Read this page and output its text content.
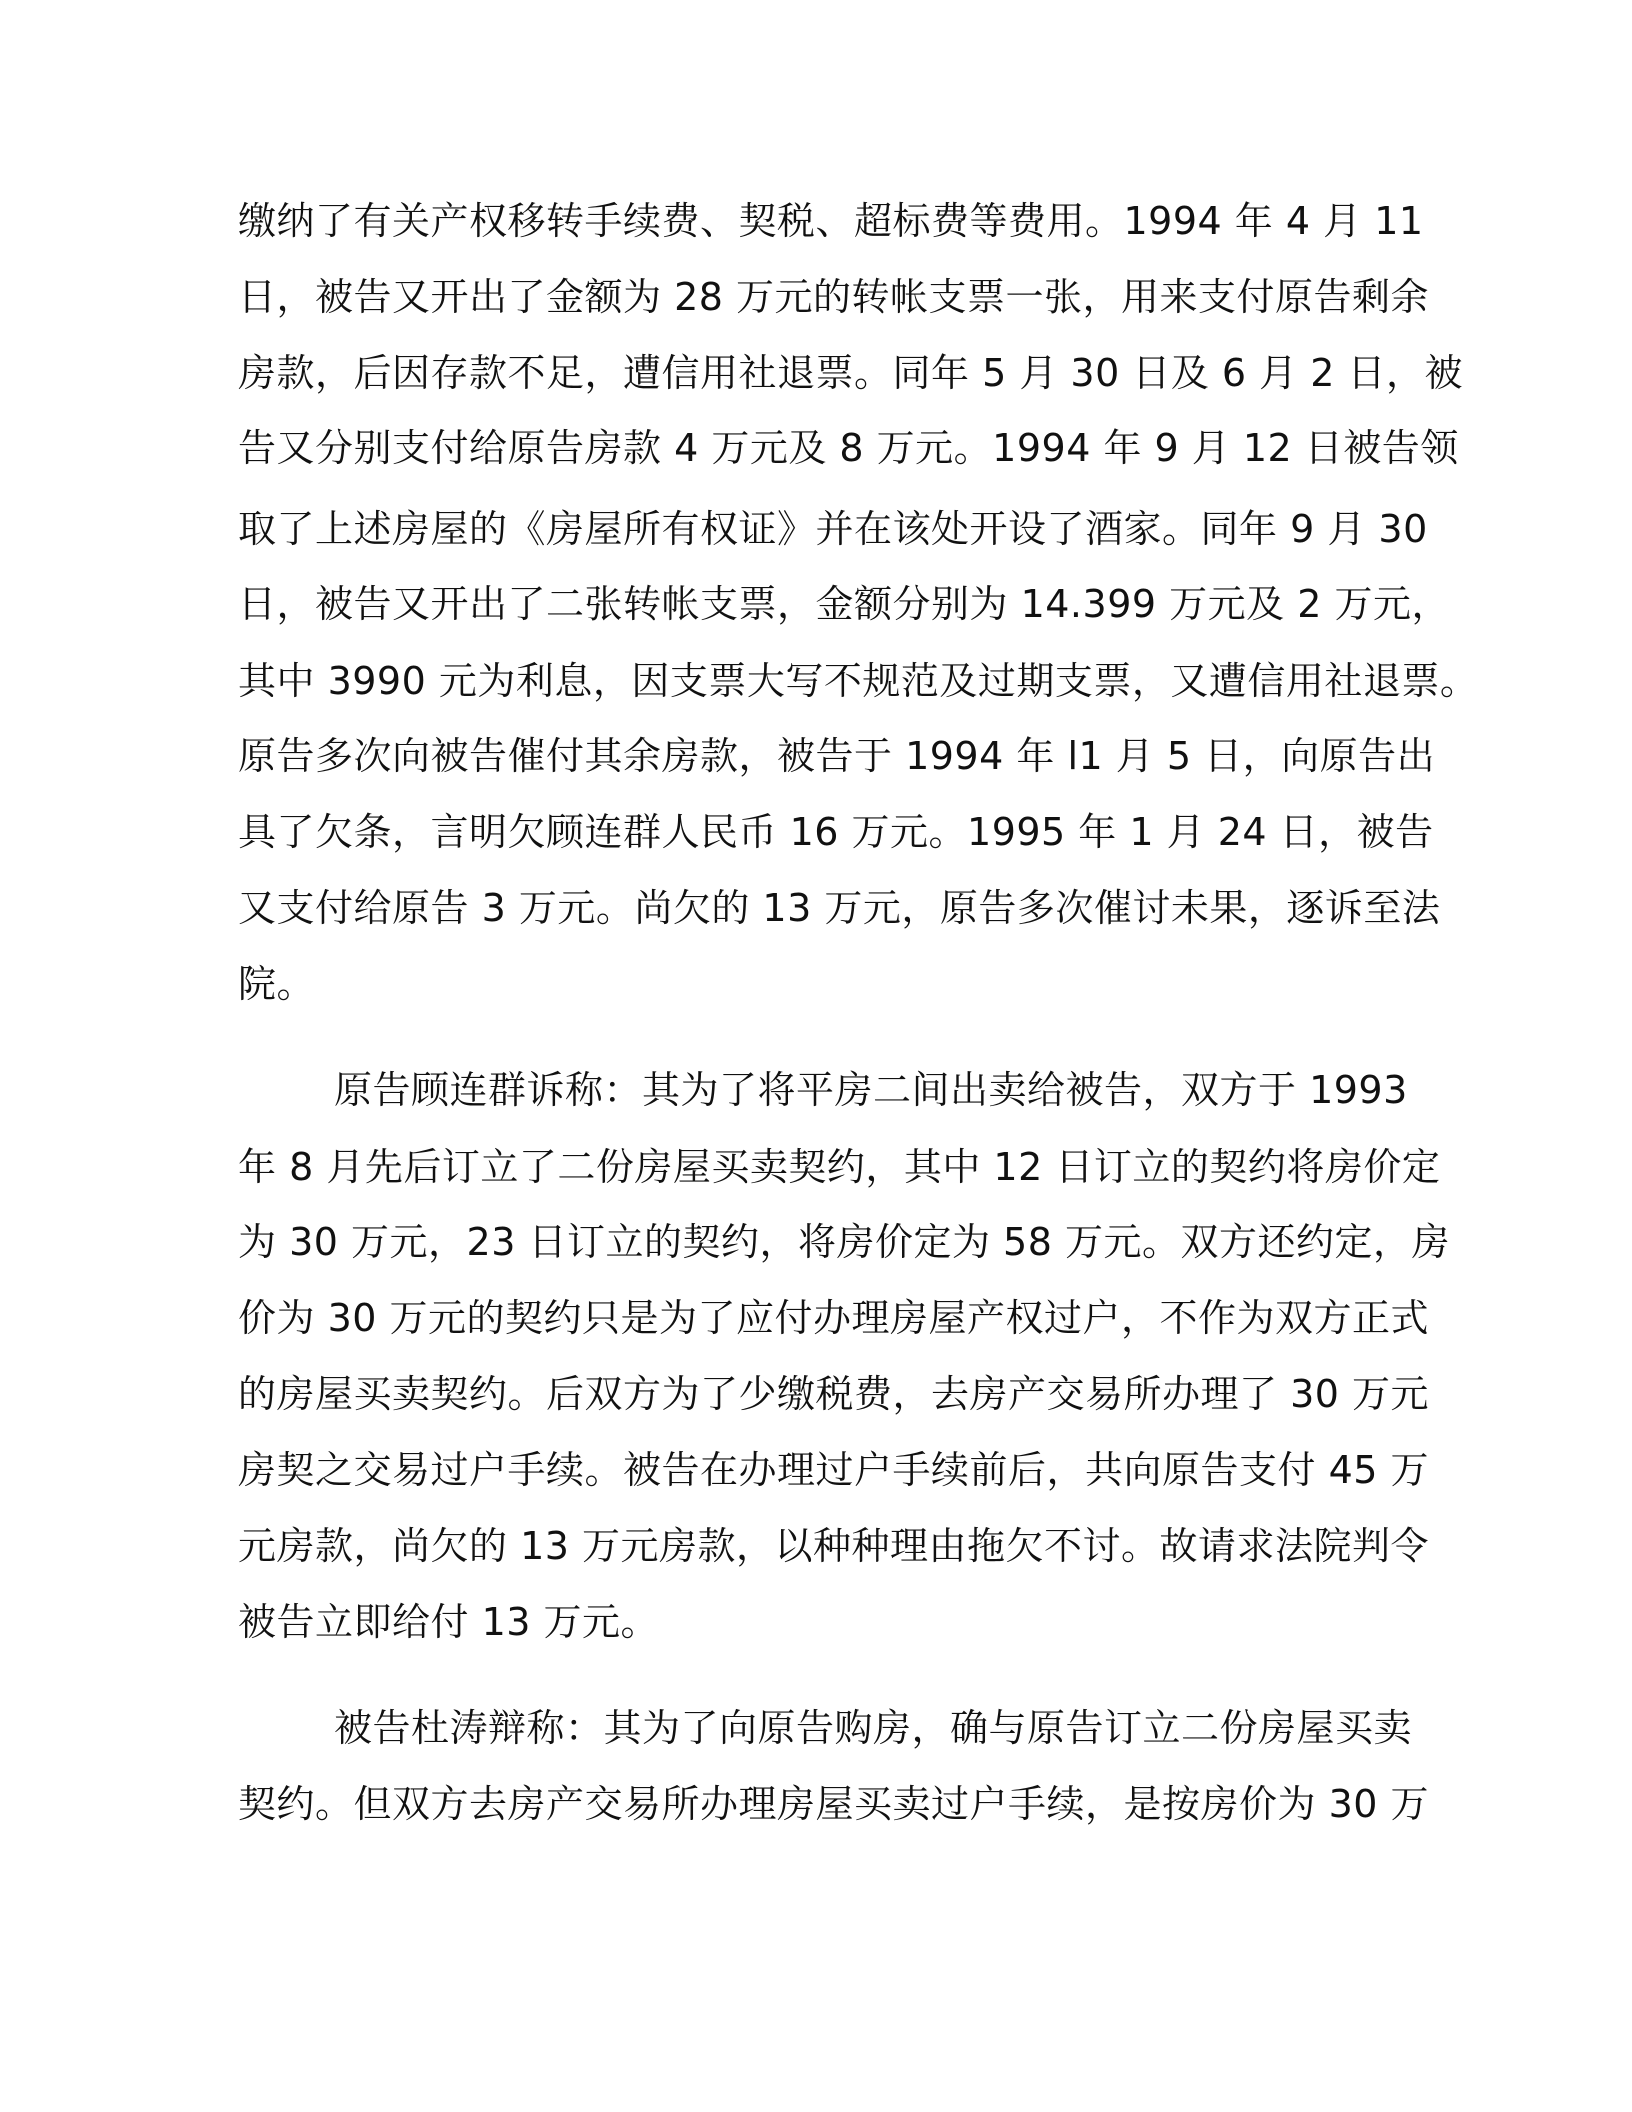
缴纳了有关产权移转手续费、契税、超标费等费用。1994 年 4 月 11
日，被告又开出了金额为 28 万元的转帐支票一张，用来支付原告剩余
房款，后因存款不足，遭信用社退票。同年 5 月 30 日及 6 月 2 日，被
告又分别支付给原告房款 4 万元及 8 万元。1994 年 9 月 12 日被告领
取了上述房屋的《房屋所有权证》并在该处开设了酒家。同年 9 月 30
日，被告又开出了二张转帐支票，金额分别为 14.399 万元及 2 万元，
其中 3990 元为利息，因支票大写不规范及过期支票，又遭信用社退票。
原告多次向被告催付其余房款，被告于 1994 年 l1 月 5 日，向原告出
具了欠条，言明欠顾连群人民币 16 万元。1995 年 1 月 24 日，被告
又支付给原告 3 万元。尚欠的 13 万元，原告多次催讨未果，逐诉至法
院。
原告顾连群诉称：其为了将平房二间出卖给被告，双方于 1993
年 8 月先后订立了二份房屋买卖契约，其中 12 日订立的契约将房价定
为 30 万元，23 日订立的契约，将房价定为 58 万元。双方还约定，房
价为 30 万元的契约只是为了应付办理房屋产权过户，不作为双方正式
的房屋买卖契约。后双方为了少缴税费，去房产交易所办理了 30 万元
房契之交易过户手续。被告在办理过户手续前后，共向原告支付 45 万
元房款，尚欠的 13 万元房款，以种种理由拖欠不讨。故请求法院判令
被告立即给付 13 万元。
被告杜涛辩称：其为了向原告购房，确与原告订立二份房屋买卖
契约。但双方去房产交易所办理房屋买卖过户手续，是按房价为 30 万
